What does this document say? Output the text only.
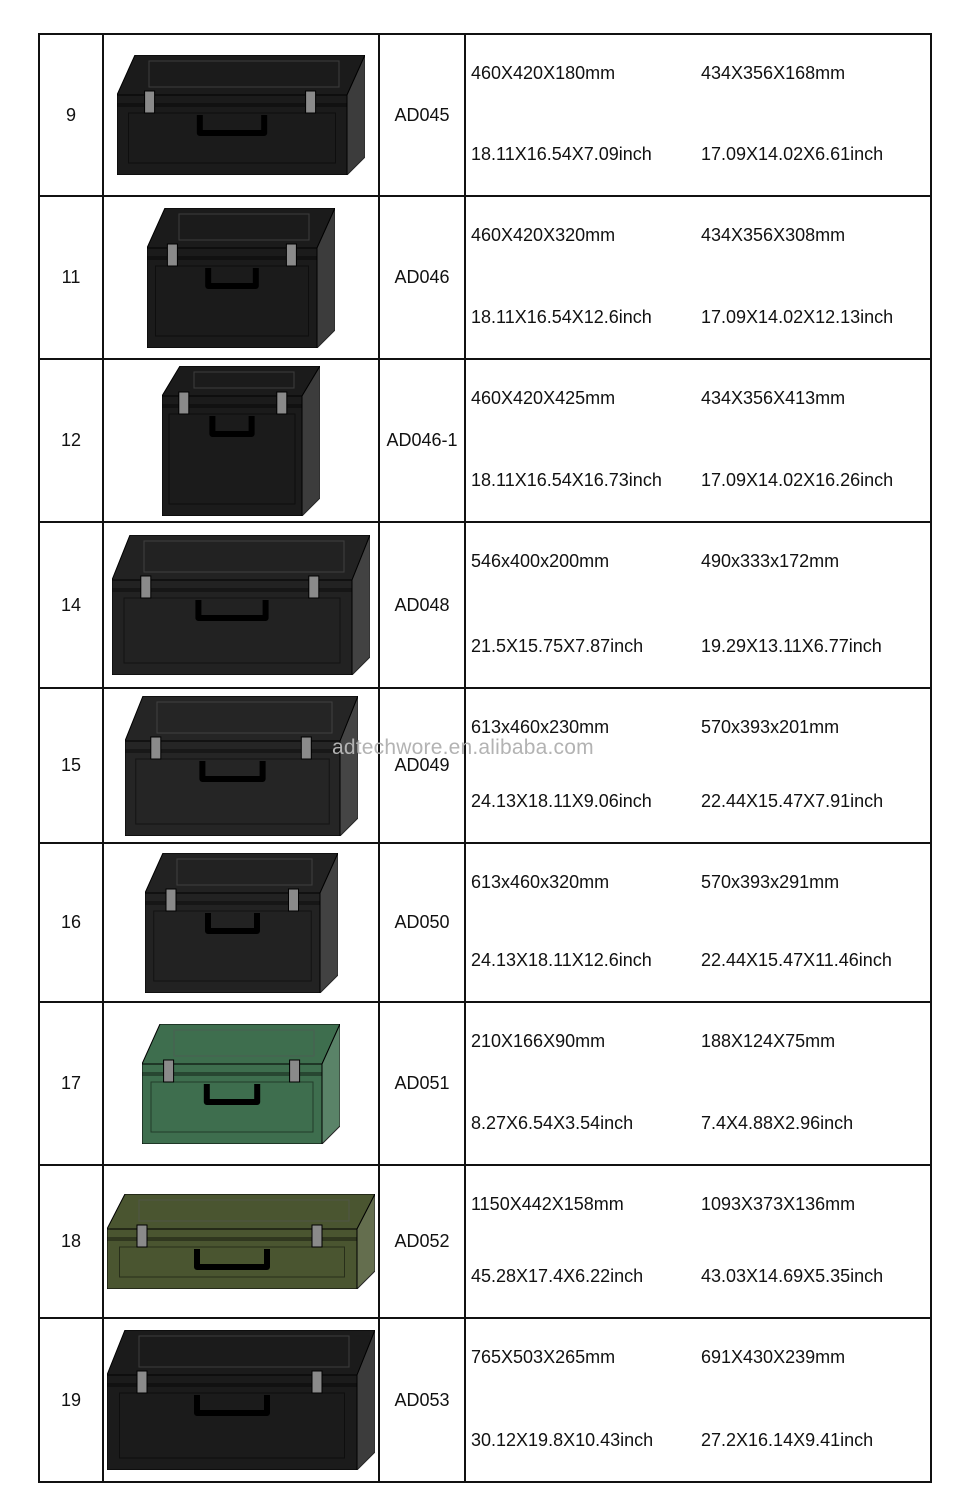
9		AD045	460X420X180mm 434X356X168mm
18.11X16.54X7.09inch 17.09X14.02X6.61inch

11		AD046	460X420X320mm 434X356X308mm
18.11X16.54X12.6inch 17.09X14.02X12.13inch

12		AD046-1	460X420X425mm 434X356X413mm
18.11X16.54X16.73inch 17.09X14.02X16.26inch

14		AD048	546x400x200mm 490x333x172mm
21.5X15.75X7.87inch 19.29X13.11X6.77inch

15		AD049	613x460x230mm 570x393x201mm
24.13X18.11X9.06inch 22.44X15.47X7.91inch

16		AD050	613x460x320mm 570x393x291mm
24.13X18.11X12.6inch 22.44X15.47X11.46inch

17		AD051	210X166X90mm 188X124X75mm
8.27X6.54X3.54inch 7.4X4.88X2.96inch

18		AD052	1150X442X158mm 1093X373X136mm
45.28X17.4X6.22inch 43.03X14.69X5.35inch

19		AD053	765X503X265mm 691X430X239mm
30.12X19.8X10.43inch 27.2X16.14X9.41inch
adtechwore.en.alibaba.com
